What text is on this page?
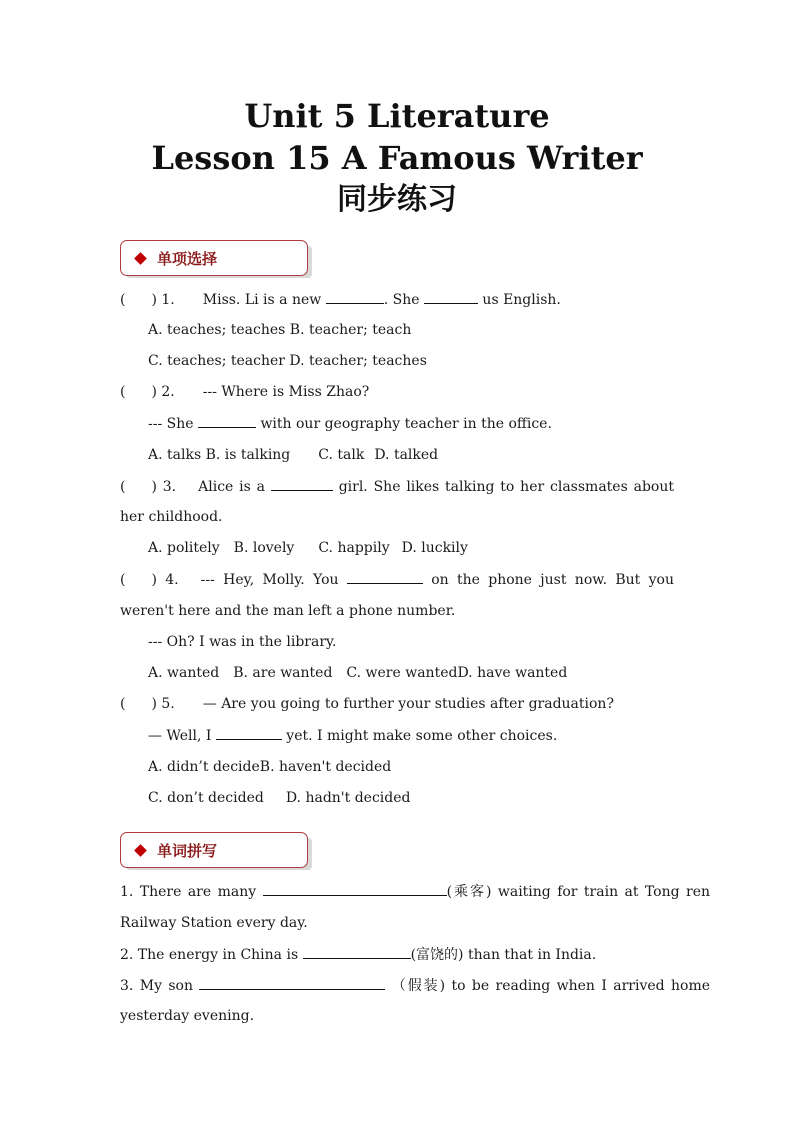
Unit 5 Literature
Lesson 15 A Famous Writer
同步练习
单项选择
( ) 1. Miss. Li is a new	. She	us English.
A. teaches; teaches B. teacher; teach
C. teaches; teacher D. teacher; teaches
( ) 2. --- Where is Miss Zhao?
--- She	with our geography teacher in the office.
A. talks B. is talking C. talk D. talked
( ) 3. Alice is a	girl. She likes talking to her classmates about
her childhood.
A. politely B. lovely C. happily D. luckily
( ) 4. --- Hey, Molly. You	on the phone just now. But you
weren't here and the man left a phone number.
--- Oh? I was in the library.
A. wanted B. are wanted C. were wantedD. have wanted
( ) 5. — Are you going to further your studies after graduation?
— Well, I	yet. I might make some other choices.
A. didn’t decideB. haven't decided
C. don’t decided D. hadn't decided
单词拼写
1. There are many	(乘客) waiting for train at Tong ren
Railway Station every day.
2. The energy in China is	(富饶的) than that in India.
3. My son	（假装) to be reading when I arrived home
yesterday evening.
